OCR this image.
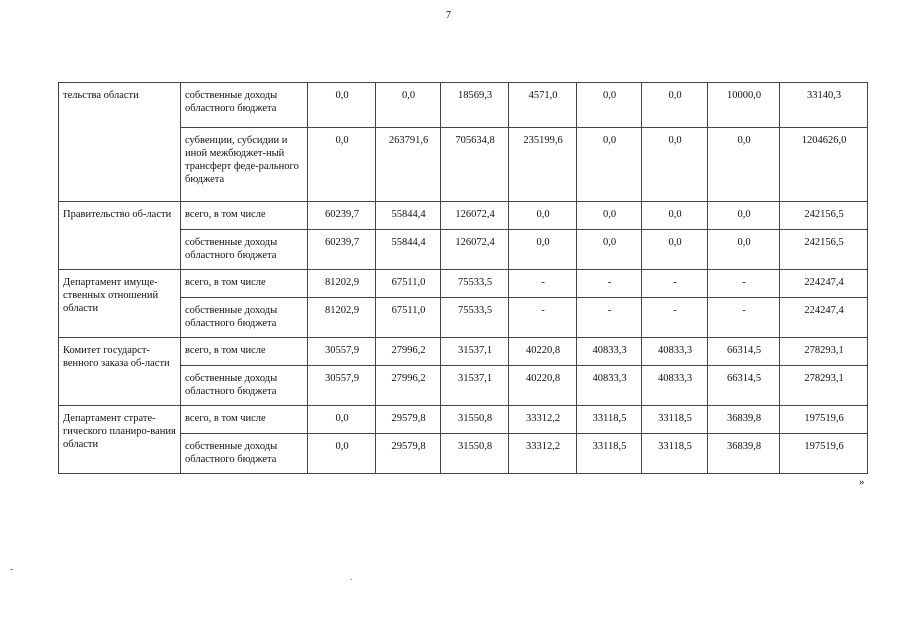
7
тельства области	собственные доходы областного бюджета	0,0	0,0	18569,3	4571,0	0,0	0,0	10000,0	33140,3
	субвенции, субсидии и иной межбюджет-ный трансферт феде-рального бюджета	0,0	263791,6	705634,8	235199,6	0,0	0,0	0,0	1204626,0
Правительство об-ласти	всего, в том числе	60239,7	55844,4	126072,4	0,0	0,0	0,0	0,0	242156,5
	собственные доходы областного бюджета	60239,7	55844,4	126072,4	0,0	0,0	0,0	0,0	242156,5
Департамент имуще-ственных отношений области	всего, в том числе	81202,9	67511,0	75533,5	-	-	-	-	224247,4
	собственные доходы областного бюджета	81202,9	67511,0	75533,5	-	-	-	-	224247,4
Комитет государст-венного заказа об-ласти	всего, в том числе	30557,9	27996,2	31537,1	40220,8	40833,3	40833,3	66314,5	278293,1
	собственные доходы областного бюджета	30557,9	27996,2	31537,1	40220,8	40833,3	40833,3	66314,5	278293,1
Департамент страте-гического планиро-вания области	всего, в том числе	0,0	29579,8	31550,8	33312,2	33118,5	33118,5	36839,8	197519,6
	собственные доходы областного бюджета	0,0	29579,8	31550,8	33312,2	33118,5	33118,5	36839,8	197519,6
»
